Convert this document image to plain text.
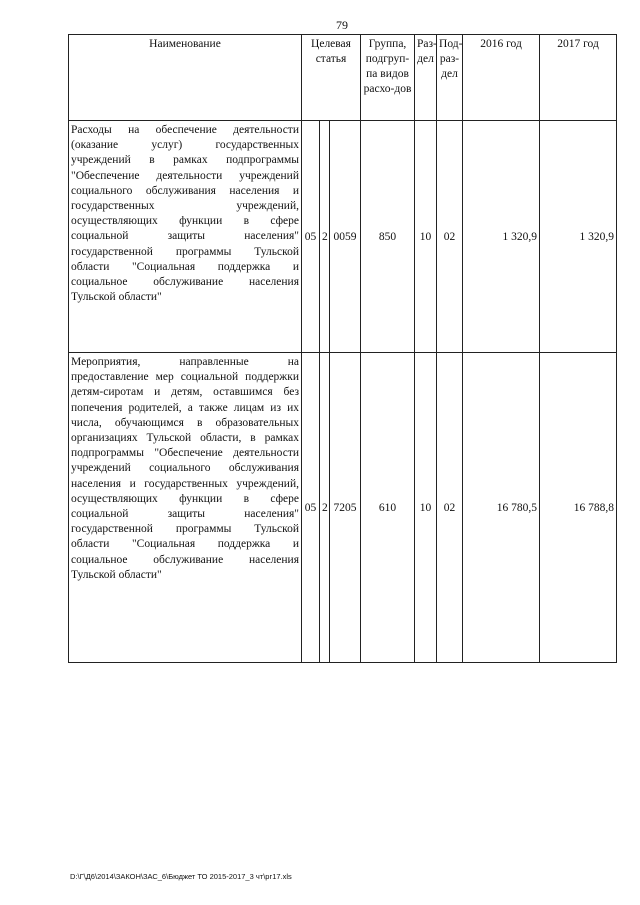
79
Наименование	Целевая статья			Группа, подгруп-па видов расхо-дов	Раз-дел	Под-раз-дел	2016 год	2017 год
Расходы на обеспечение деятельности (оказание услуг) государственных учреждений в рамках подпрограммы "Обеспечение деятельности учреждений социального обслуживания населения и государственных учреждений, осуществляющих функции в сфере социальной защиты населения" государственной программы Тульской области "Социальная поддержка и социальное обслуживание населения Тульской области"	05	2	0059	850	10	02	1 320,9	1 320,9
Мероприятия, направленные на предоставление мер социальной поддержки детям-сиротам и детям, оставшимся без попечения родителей, а также лицам из их числа, обучающимся в образовательных организациях Тульской области, в рамках подпрограммы "Обеспечение деятельности учреждений социального обслуживания населения и государственных учреждений, осуществляющих функции в сфере социальной защиты населения" государственной программы Тульской области "Социальная поддержка и социальное обслуживание населения Тульской области"	05	2	7205	610	10	02	16 780,5	16 788,8
D:\Г\Д6\2014\ЗАКОН\ЗАС_6\Бюджет ТО 2015-2017_3 чт\рг17.xls
